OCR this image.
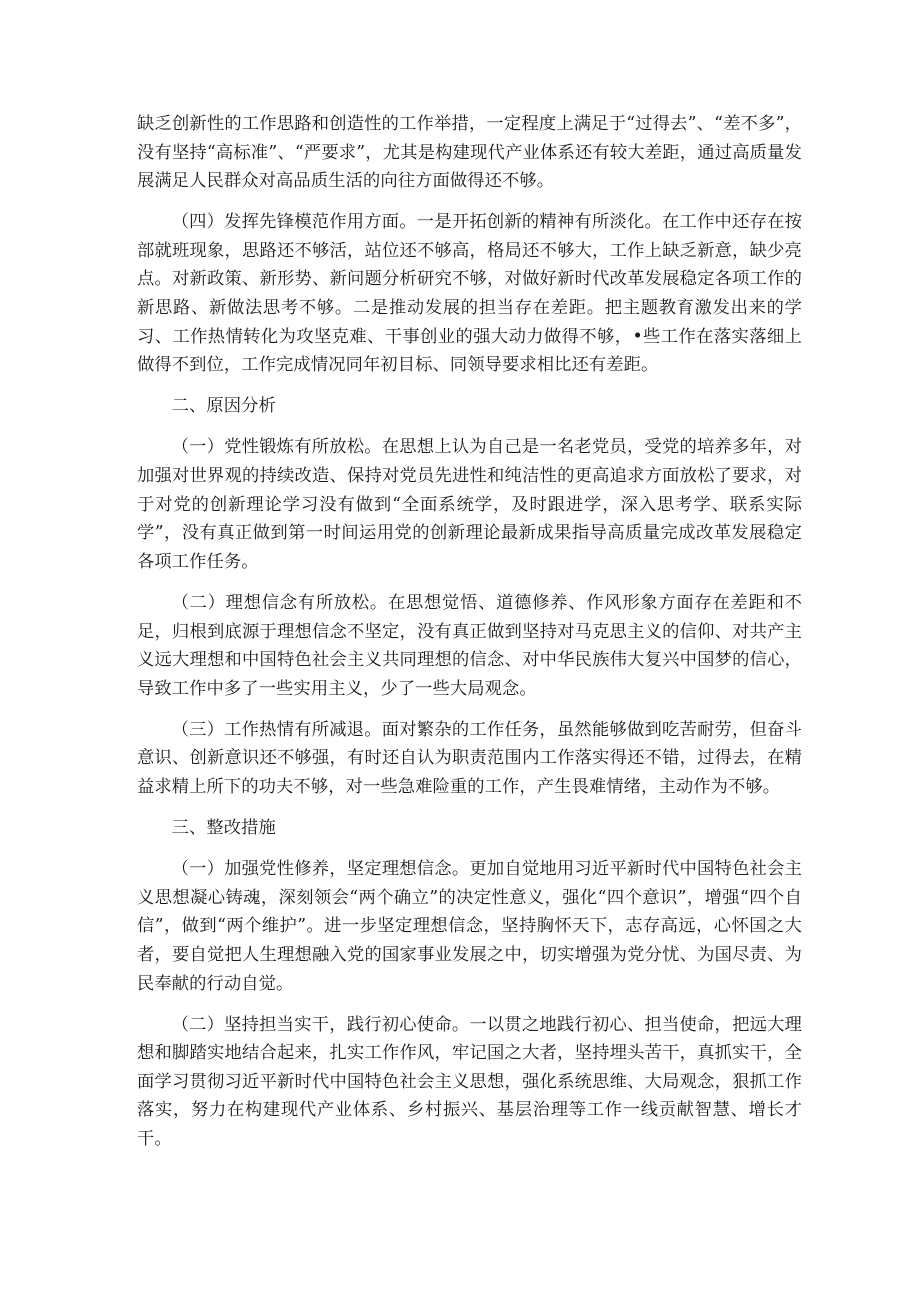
缺乏创新性的工作思路和创造性的工作举措，一定程度上满足于“过得去”、“差不多”，没有坚持“高标准”、“严要求”，尤其是构建现代产业体系还有较大差距，通过高质量发展满足人民群众对高品质生活的向往方面做得还不够。

（四）发挥先锋模范作用方面。一是开拓创新的精神有所淡化。在工作中还存在按部就班现象，思路还不够活，站位还不够高，格局还不够大，工作上缺乏新意，缺少亮点。对新政策、新形势、新问题分析研究不够，对做好新时代改革发展稳定各项工作的新思路、新做法思考不够。二是推动发展的担当存在差距。把主题教育激发出来的学习、工作热情转化为攻坚克难、干事创业的强大动力做得不够，•些工作在落实落细上做得不到位，工作完成情况同年初目标、同领导要求相比还有差距。

二、原因分析

（一）党性锻炼有所放松。在思想上认为自己是一名老党员，受党的培养多年，对加强对世界观的持续改造、保持对党员先进性和纯洁性的更高追求方面放松了要求，对于对党的创新理论学习没有做到“全面系统学，及时跟进学，深入思考学、联系实际学”，没有真正做到第一时间运用党的创新理论最新成果指导高质量完成改革发展稳定各项工作任务。

（二）理想信念有所放松。在思想觉悟、道德修养、作风形象方面存在差距和不足，归根到底源于理想信念不坚定，没有真正做到坚持对马克思主义的信仰、对共产主义远大理想和中国特色社会主义共同理想的信念、对中华民族伟大复兴中国梦的信心，导致工作中多了一些实用主义，少了一些大局观念。

（三）工作热情有所减退。面对繁杂的工作任务，虽然能够做到吃苦耐劳，但奋斗意识、创新意识还不够强，有时还自认为职责范围内工作落实得还不错，过得去，在精益求精上所下的功夫不够，对一些急难险重的工作，产生畏难情绪，主动作为不够。

三、整改措施

（一）加强党性修养，坚定理想信念。更加自觉地用习近平新时代中国特色社会主义思想凝心铸魂，深刻领会“两个确立”的决定性意义，强化“四个意识”，增强“四个自信”，做到“两个维护”。进一步坚定理想信念，坚持胸怀天下，志存高远，心怀国之大者，要自觉把人生理想融入党的国家事业发展之中，切实增强为党分忧、为国尽责、为民奉献的行动自觉。

（二）坚持担当实干，践行初心使命。一以贯之地践行初心、担当使命，把远大理想和脚踏实地结合起来，扎实工作作风，牢记国之大者，坚持埋头苦干，真抓实干，全面学习贯彻习近平新时代中国特色社会主义思想，强化系统思维、大局观念，狠抓工作落实，努力在构建现代产业体系、乡村振兴、基层治理等工作一线贡献智慧、增长才干。
